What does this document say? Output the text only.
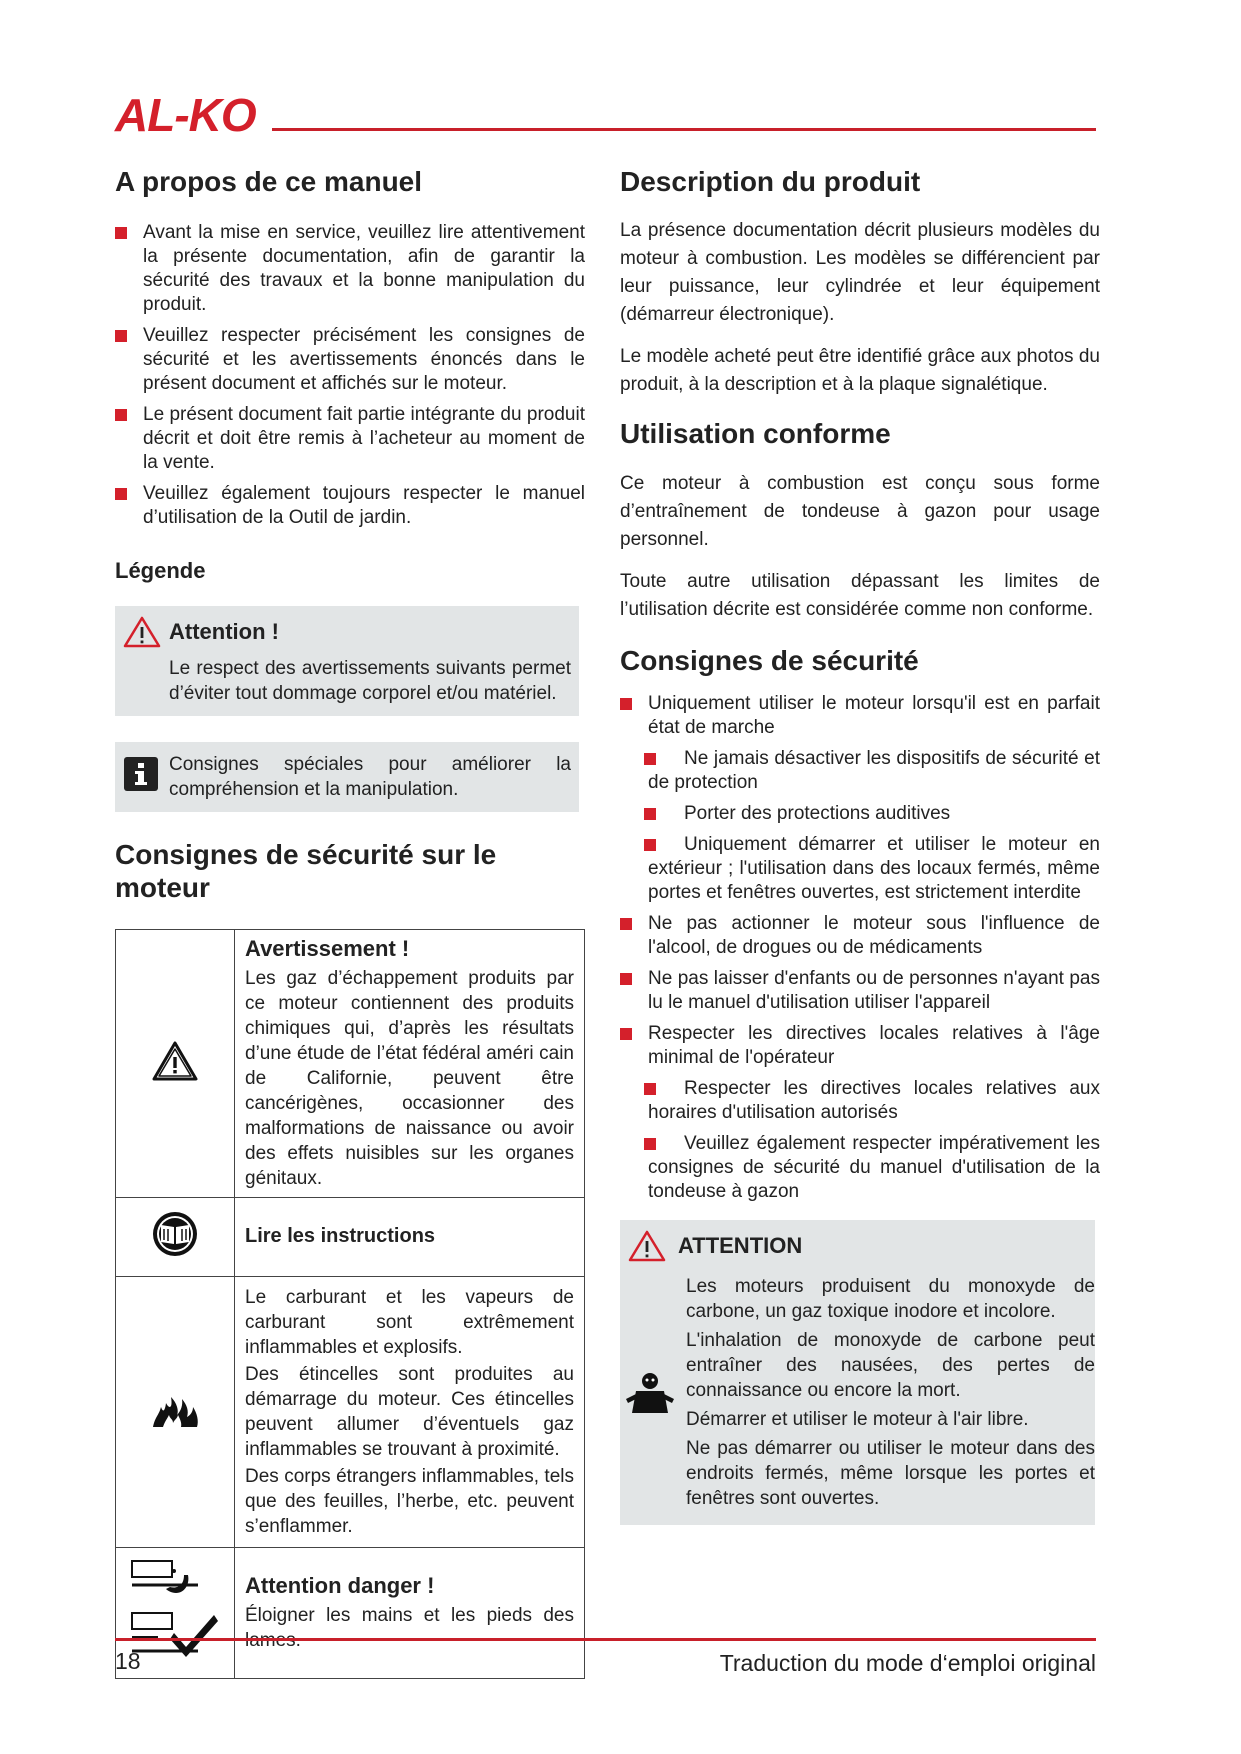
AL-KO
A propos de ce manuel
Avant la mise en service, veuillez lire attentivement la présente documentation, afin de garantir la sécurité des travaux et la bonne manipulation du produit.
Veuillez respecter précisément les consignes de sécurité et les avertissements énoncés dans le présent document et affichés sur le moteur.
Le présent document fait partie intégrante du produit décrit et doit être remis à l’acheteur au moment de la vente.
Veuillez également toujours respecter le manuel d’utilisation de la Outil de jardin.
Légende
Attention !

Le respect des avertissements suivants permet d’éviter tout dommage corporel et/ou matériel.

Consignes spéciales pour améliorer la compréhension et la manipulation.

Consignes de sécurité sur le moteur

Avertissement !

Les gaz d’échappement produits par ce moteur contiennent des produits chimiques qui, d’après les résultats d’une étude de l’état fédéral améri cain de Californie, peuvent être cancérigènes, occasionner des malformations de naissance ou avoir des effets nuisibles sur les organes génitaux.

Lire les instructions

Le carburant et les vapeurs de carburant sont extrêmement inflammables et explosifs.

Des étincelles sont produites au démarrage du moteur. Ces étincelles peuvent allumer d’éventuels gaz inflammables se trouvant à proximité.

Des corps étrangers inflammables, tels que des feuilles, l’herbe, etc. peuvent s’enflammer.

Attention danger !

Éloigner les mains et les pieds des

Description du produit

La présence documentation décrit plusieurs modèles du moteur à combustion. Les modèles se différencient par leur puissance, leur cylindrée et leur équipement (démarreur électronique).

Le modèle acheté peut être identifié grâce aux photos du produit, à la description et à la plaque signalétique.

Utilisation conforme

Ce moteur à combustion est conçu sous forme d’entraînement de tondeuse à gazon pour usage personnel.

Toute autre utilisation dépassant les limites de l’utilisation décrite est considérée comme non conforme.

Consignes de sécurité
Uniquement utiliser le moteur lorsqu'il est en parfait état de marche
Ne jamais désactiver les dispositifs de sécurité et de protection
Porter des protections auditives
Uniquement démarrer et utiliser le moteur en extérieur ; l'utilisation dans des locaux fermés, même portes et fenêtres ouvertes, est strictement interdite
Ne pas actionner le moteur sous l'influence de l'alcool, de drogues ou de médicaments
Ne pas laisser d'enfants ou de personnes n'ayant pas lu le manuel d'utilisation utiliser l'appareil
Respecter les directives locales relatives à l'âge minimal de l'opérateur
Respecter les directives locales relatives aux horaires d'utilisation autorisés
Veuillez également respecter impérativement les consignes de sécurité du manuel d'utilisation de la tondeuse à gazon
ATTENTION

Les moteurs produisent du monoxyde de carbone, un gaz toxique inodore et incolore.

L'inhalation de monoxyde de carbone peut entraîner des nausées, des pertes de connaissance ou encore la mort.

Démarrer et utiliser le moteur à l'air libre.

Ne pas démarrer ou utiliser le moteur dans des endroits fermés, même lorsque les portes et fenêtres sont ouvertes.

18	Traduction du mode d‘emploi original
